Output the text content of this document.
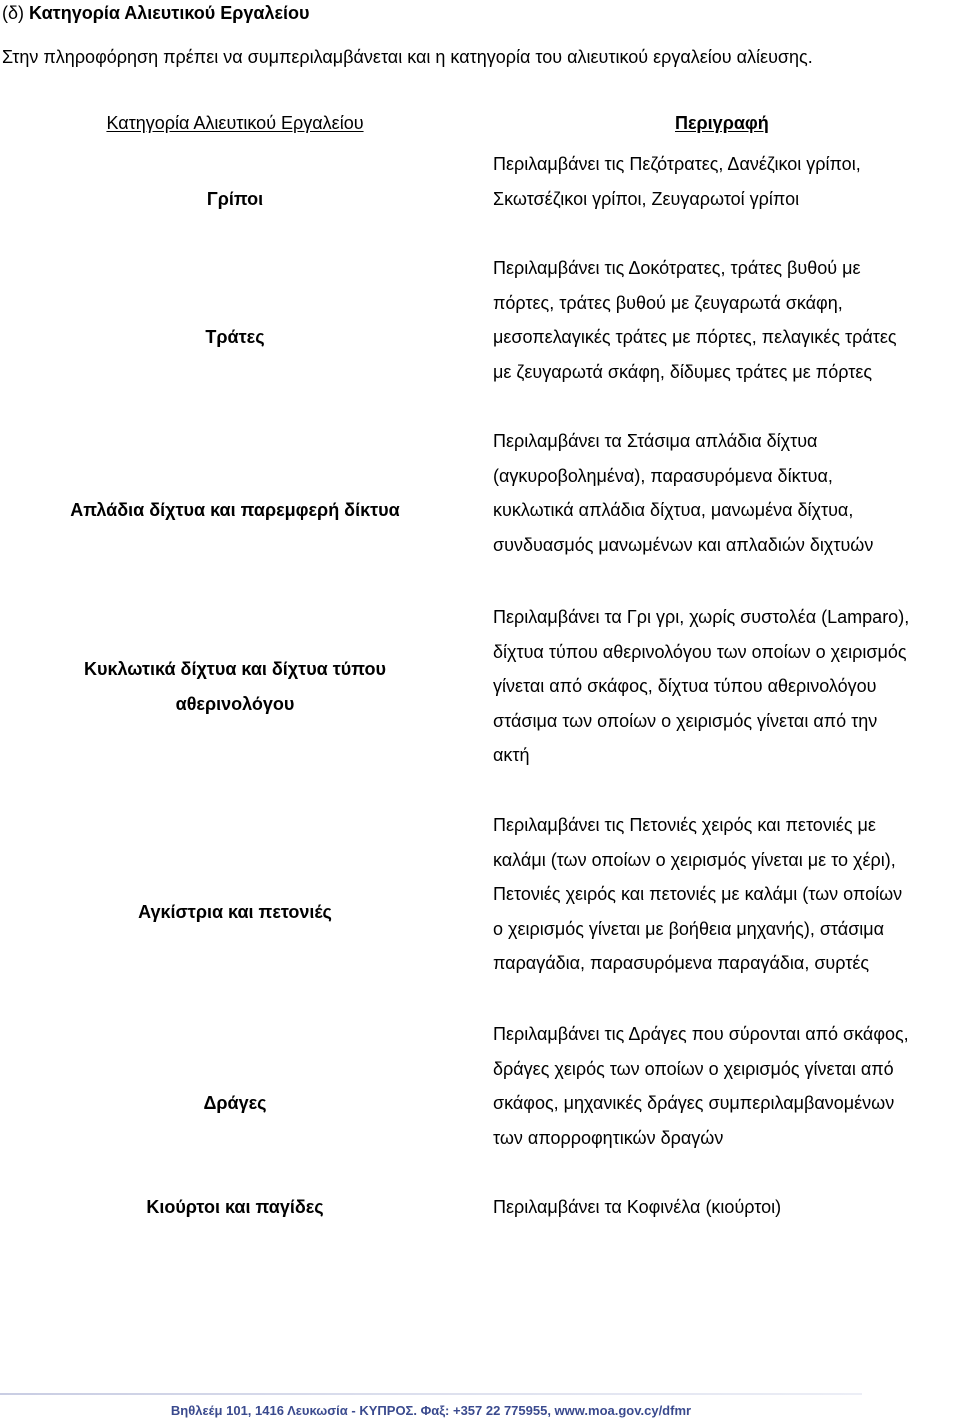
(δ) Κατηγορία Αλιευτικού Εργαλείου

Στην πληροφόρηση πρέπει να συμπεριλαμβάνεται και η κατηγορία του αλιευτικού εργαλείου αλίευσης.

Κατηγορία Αλιευτικού Εργαλείου	Περιγραφή
Γρίποι
Περιλαμβάνει τις Πεζότρατες, Δανέζικοι γρίποι,
Σκωτσέζικοι γρίποι, Ζευγαρωτοί γρίποι
Τράτες
Περιλαμβάνει τις Δοκότρατες, τράτες βυθού με
πόρτες, τράτες βυθού με ζευγαρωτά σκάφη,
μεσοπελαγικές τράτες με πόρτες, πελαγικές τράτες
με ζευγαρωτά σκάφη, δίδυμες τράτες με πόρτες
Απλάδια δίχτυα και παρεμφερή δίκτυα
Περιλαμβάνει τα Στάσιμα απλάδια δίχτυα
(αγκυροβολημένα), παρασυρόμενα δίκτυα,
κυκλωτικά απλάδια δίχτυα, μανωμένα δίχτυα,
συνδυασμός μανωμένων και απλαδιών διχτυών
Κυκλωτικά δίχτυα και δίχτυα τύπου
αθερινολόγου
Περιλαμβάνει τα Γρι γρι, χωρίς συστολέα (Lamparo),
δίχτυα τύπου αθερινολόγου των οποίων ο χειρισμός
γίνεται από σκάφος, δίχτυα τύπου αθερινολόγου
στάσιμα των οποίων ο χειρισμός γίνεται από την
ακτή
Αγκίστρια και πετονιές
Περιλαμβάνει τις Πετονιές χειρός και πετονιές με
καλάμι (των οποίων ο χειρισμός γίνεται με το χέρι),
Πετονιές χειρός και πετονιές με καλάμι (των οποίων
ο χειρισμός γίνεται με βοήθεια μηχανής), στάσιμα
παραγάδια, παρασυρόμενα παραγάδια, συρτές
Δράγες
Περιλαμβάνει τις Δράγες που σύρονται από σκάφος,
δράγες χειρός των οποίων ο χειρισμός γίνεται από
σκάφος, μηχανικές δράγες συμπεριλαμβανομένων
των απορροφητικών δραγών
Κιούρτοι και παγίδες	Περιλαμβάνει τα Κοφινέλα (κιούρτοι)
Βηθλεέμ 101, 1416 Λευκωσία - ΚΥΠΡΟΣ. Φαξ: +357 22 775955, www.moa.gov.cy/dfmr
